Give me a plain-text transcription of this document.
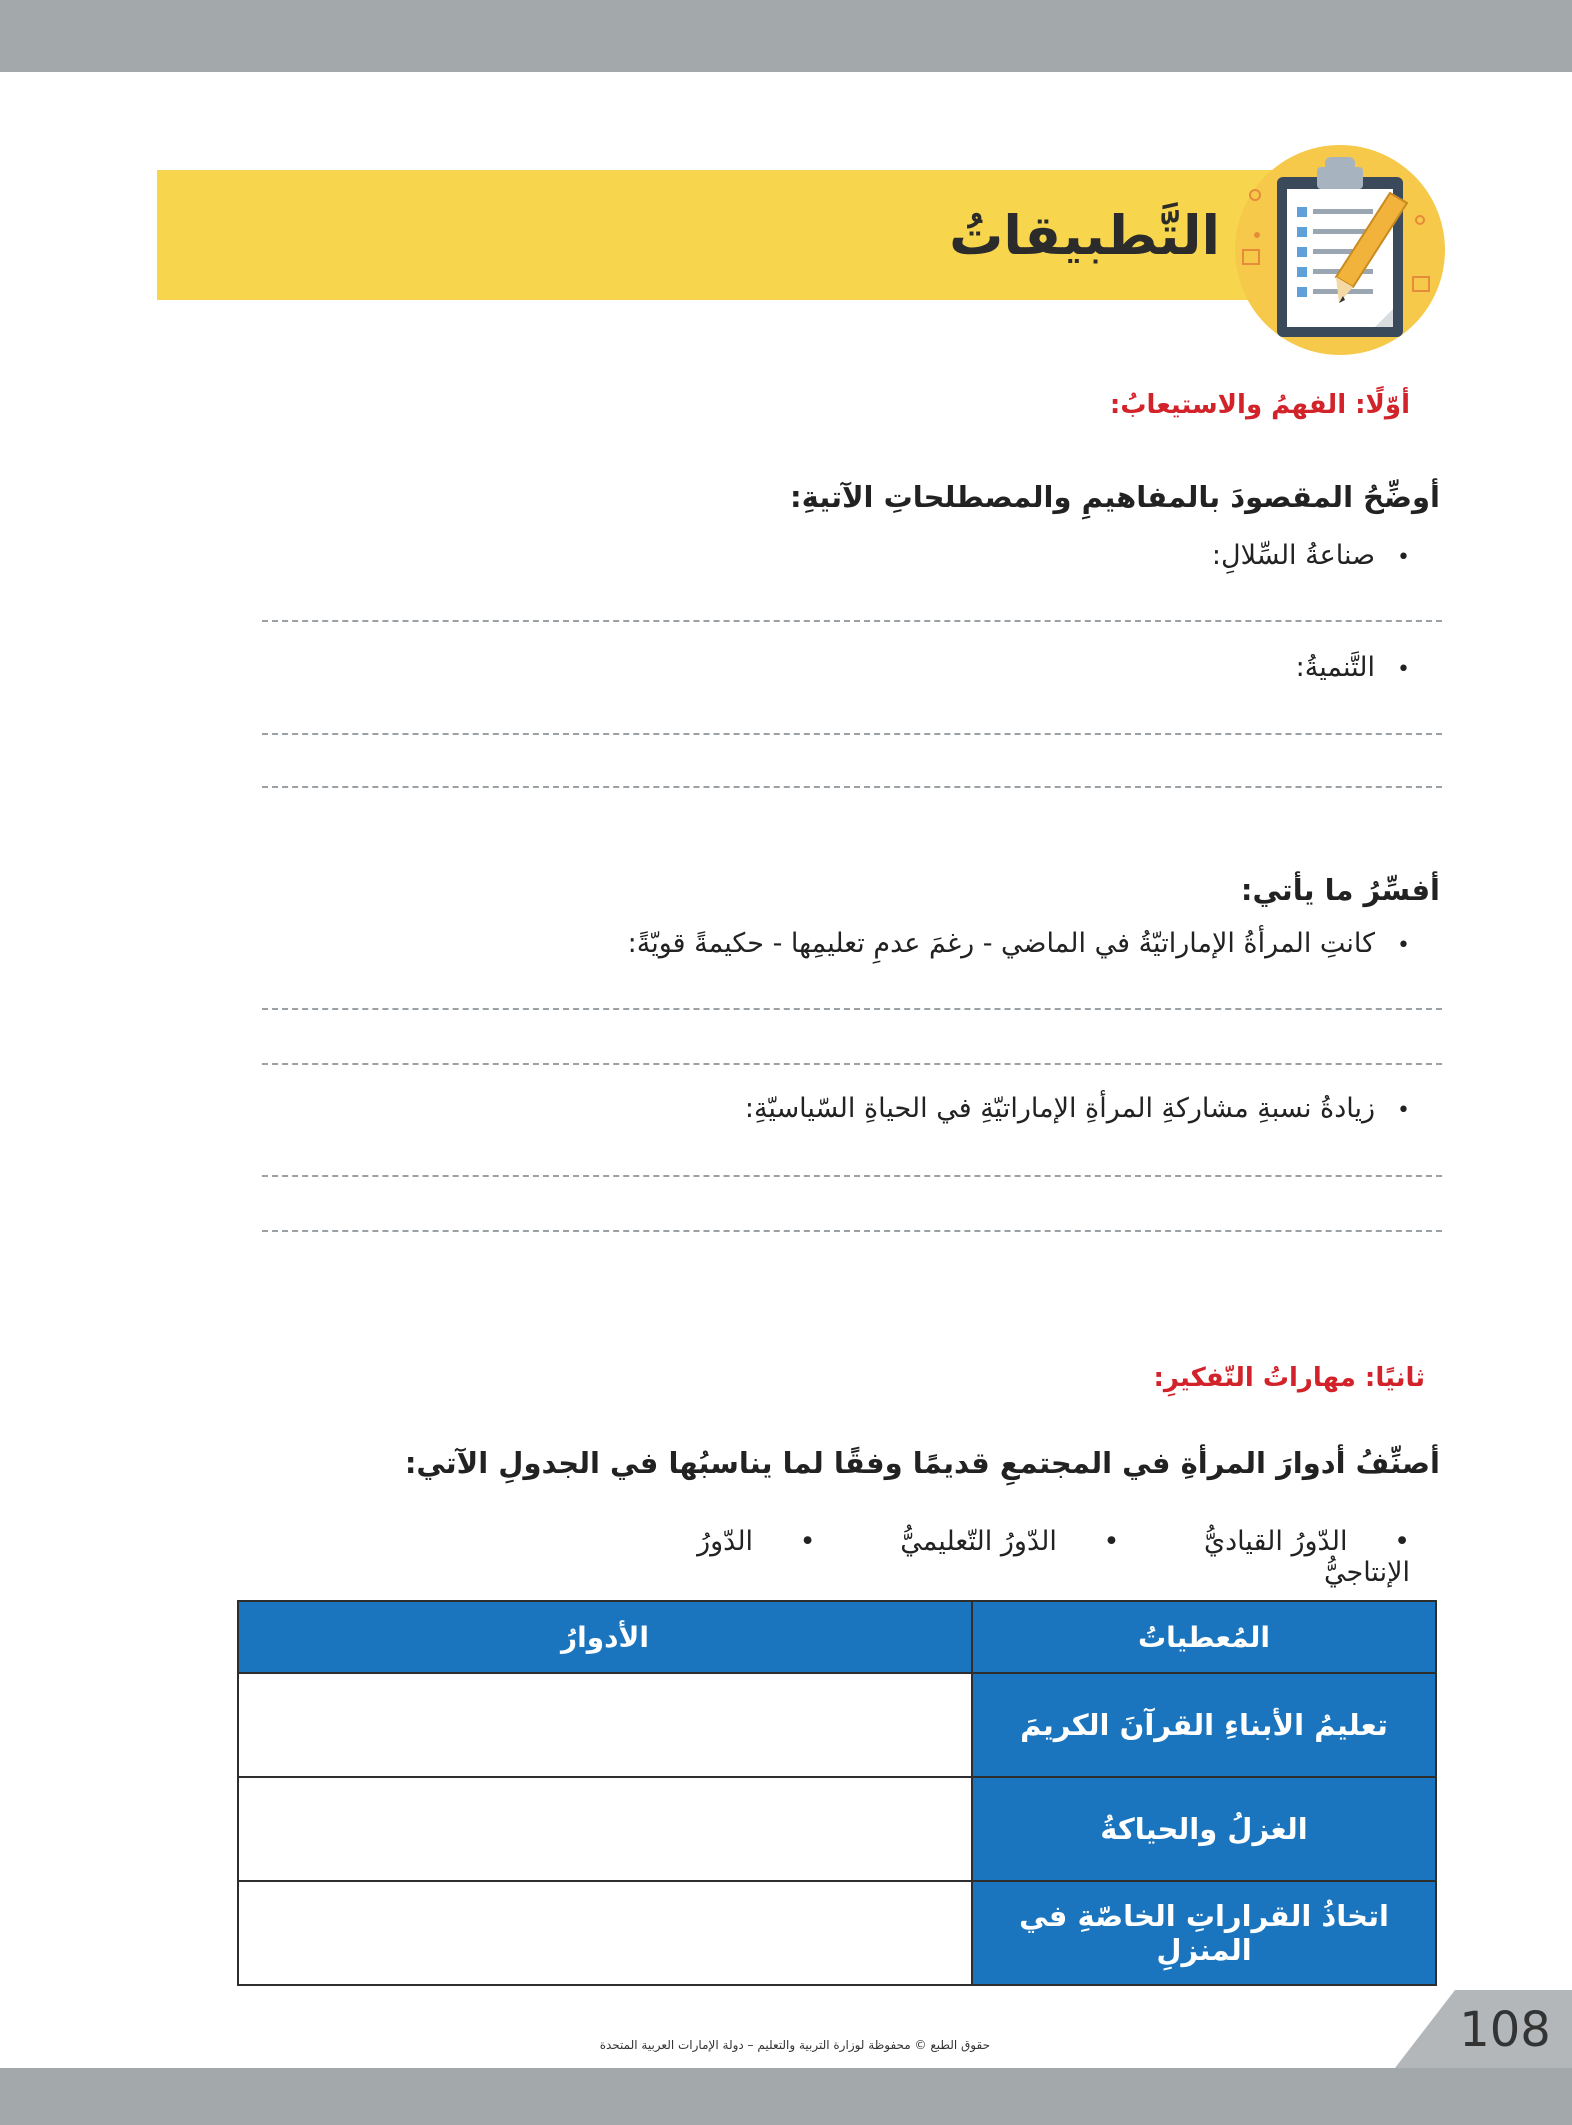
التَّطبيقاتُ
أوّلًا: الفهمُ والاستيعابُ:
أوضِّحُ المقصودَ بالمفاهيمِ والمصطلحاتِ الآتيةِ:
•صناعةُ السِّلالِ:
•التَّنميةُ:
أفسِّرُ ما يأتي:
•كانتِ المرأةُ الإماراتيّةُ في الماضي - رغمَ عدمِ تعليمِها - حكيمةً قويّةً:
•زيادةُ نسبةِ مشاركةِ المرأةِ الإماراتيّةِ في الحياةِ السّياسيّةِ:
ثانيًا: مهاراتُ التّفكيرِ:
أصنِّفُ أدوارَ المرأةِ في المجتمعِ قديمًا وفقًا لما يناسبُها في الجدولِ الآتي:
• الدّورُ القياديُّ • الدّورُ التّعليميُّ • الدّورُ الإنتاجيُّ
الأدوارُ	المُعطياتُ
	تعليمُ الأبناءِ القرآنَ الكريمَ
	الغزلُ والحياكةُ
	اتخاذُ القراراتِ الخاصّةِ في المنزلِ
حقوق الطبع © محفوظة لوزارة التربية والتعليم – دولة الإمارات العربية المتحدة	108
